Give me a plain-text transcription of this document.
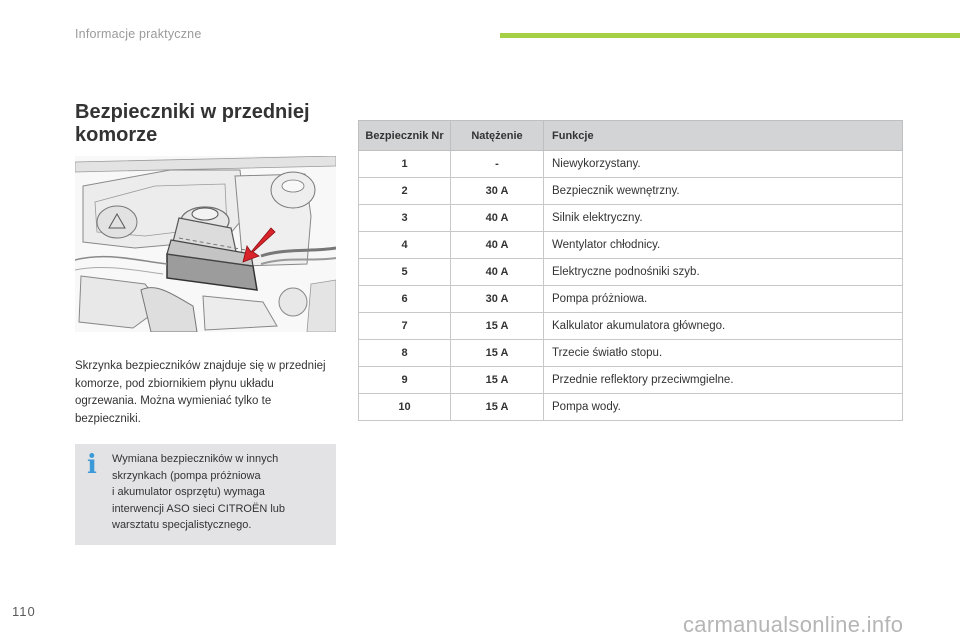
Informacje praktyczne
Bezpieczniki w przedniej
komorze
Skrzynka bezpieczników znajduje się w przedniej komorze, pod zbiornikiem płynu układu ogrzewania. Można wymieniać tylko te bezpieczniki.
i Wymiana bezpieczników w innych
skrzynkach (pompa próżniowa
i akumulator osprzętu) wymaga
interwencji ASO sieci CITROËN lub
warsztatu specjalistycznego.
Bezpiecznik Nr	Natężenie	Funkcje
1	-	Niewykorzystany.
2	30 A	Bezpiecznik wewnętrzny.
3	40 A	Silnik elektryczny.
4	40 A	Wentylator chłodnicy.
5	40 A	Elektryczne podnośniki szyb.
6	30 A	Pompa próżniowa.
7	15 A	Kalkulator akumulatora głównego.
8	15 A	Trzecie światło stopu.
9	15 A	Przednie reflektory przeciwmgielne.
10	15 A	Pompa wody.
110
carmanualsonline.info
